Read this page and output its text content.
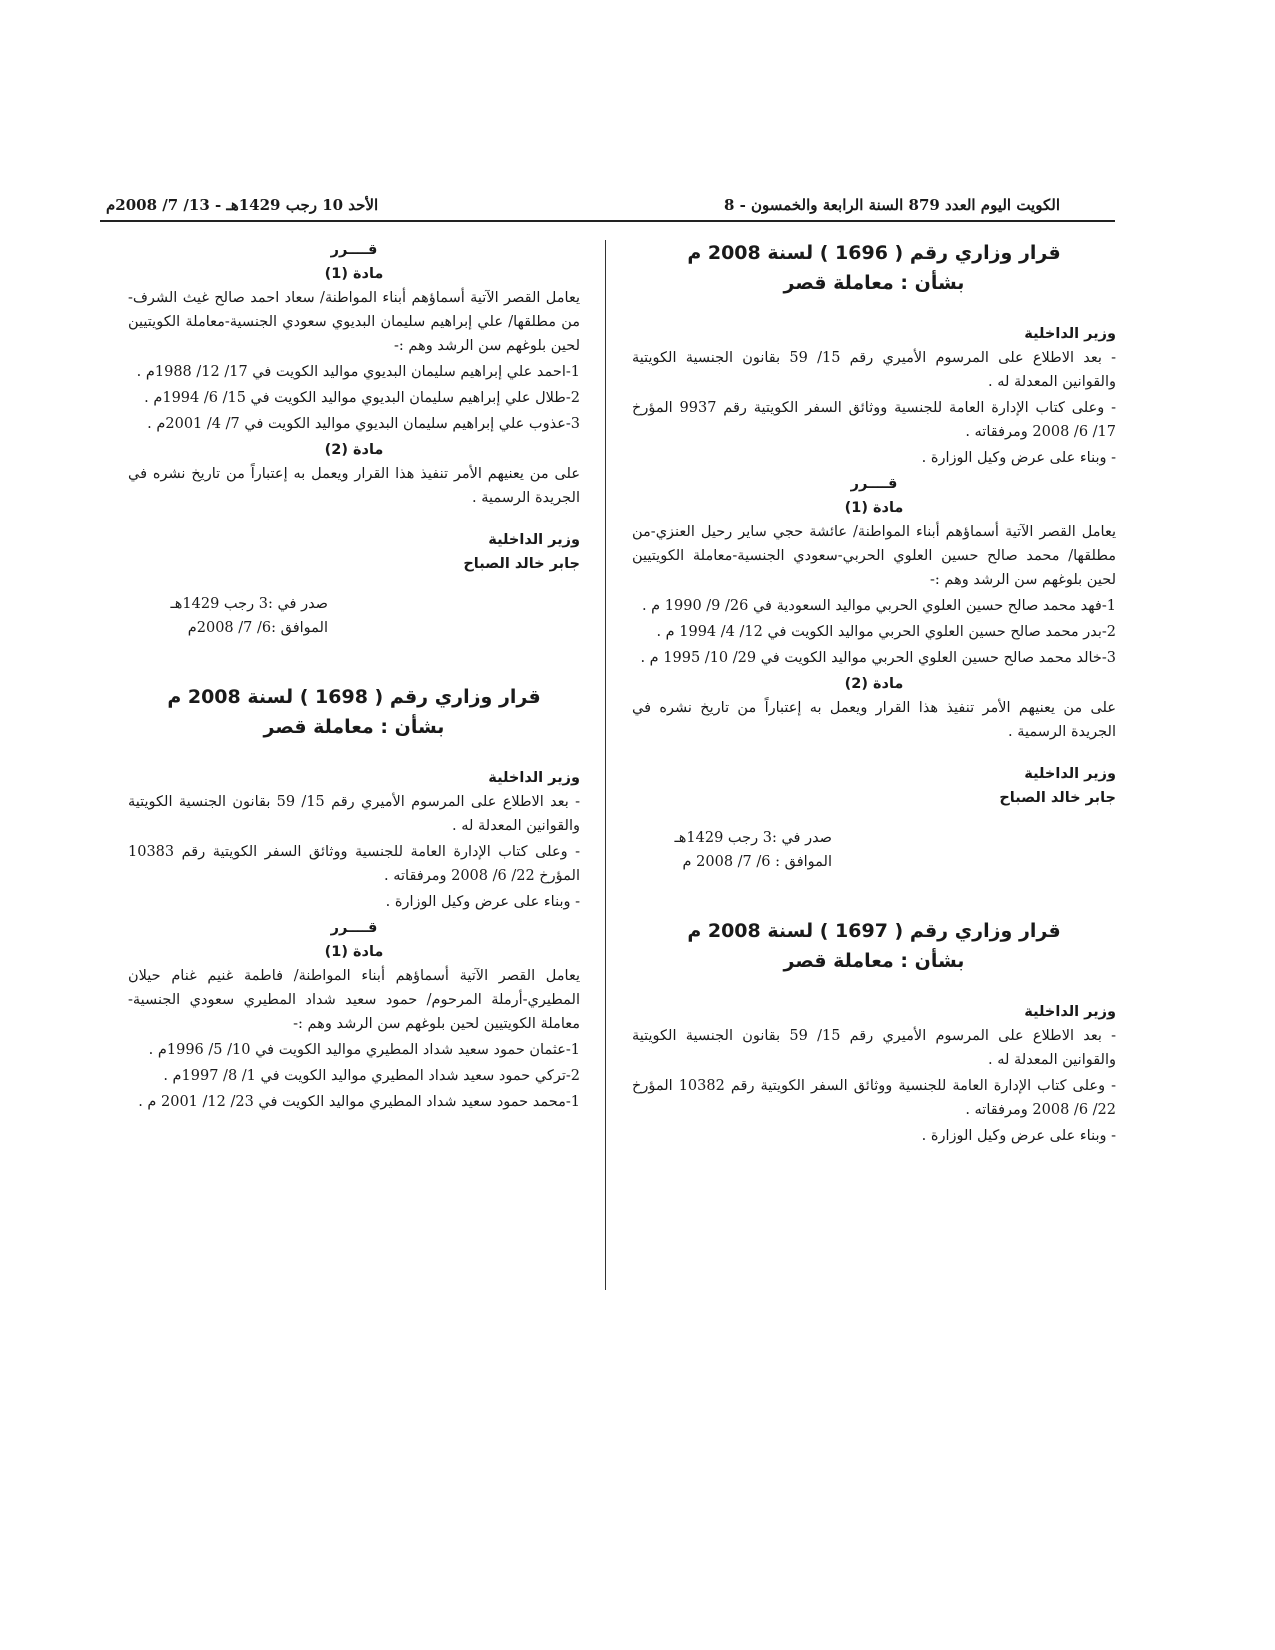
الكويت اليوم العدد 879 السنة الرابعة والخمسون - 8
الأحد 10 رجب 1429هـ - 13/ 7/ 2008م

قرار وزاري رقم ( 1696 ) لسنة 2008 م

بشأن : معاملة قصر

وزير الداخلية

- بعد الاطلاع على المرسوم الأميري رقم 15/ 59 بقانون الجنسية الكويتية والقوانين المعدلة له .

- وعلى كتاب الإدارة العامة للجنسية ووثائق السفر الكويتية رقم 9937 المؤرخ 17/ 6/ 2008 ومرفقاته .

- وبناء على عرض وكيل الوزارة .

قــــرر

مادة (1)

يعامل القصر الآتية أسماؤهم أبناء المواطنة/ عائشة حجي ساير رحيل العنزي-من مطلقها/ محمد صالح حسين العلوي الحربي-سعودي الجنسية-معاملة الكويتيين لحين بلوغهم سن الرشد وهم :-

1-فهد محمد صالح حسين العلوي الحربي مواليد السعودية في 26/ 9/ 1990 م .

2-بدر محمد صالح حسين العلوي الحربي مواليد الكويت في 12/ 4/ 1994 م .

3-خالد محمد صالح حسين العلوي الحربي مواليد الكويت في 29/ 10/ 1995 م .

مادة (2)

على من يعنيهم الأمر تنفيذ هذا القرار ويعمل به إعتباراً من تاريخ نشره في الجريدة الرسمية .

وزير الداخلية

جابر خالد الصباح

صدر في :3 رجب 1429هـ

الموافق : 6/ 7/ 2008 م

قرار وزاري رقم ( 1697 ) لسنة 2008 م

بشأن : معاملة قصر

وزير الداخلية

- بعد الاطلاع على المرسوم الأميري رقم 15/ 59 بقانون الجنسية الكويتية والقوانين المعدلة له .

- وعلى كتاب الإدارة العامة للجنسية ووثائق السفر الكويتية رقم 10382 المؤرخ 22/ 6/ 2008 ومرفقاته .

- وبناء على عرض وكيل الوزارة .

قــــرر

مادة (1)

يعامل القصر الآتية أسماؤهم أبناء المواطنة/ سعاد احمد صالح غيث الشرف-من مطلقها/ علي إبراهيم سليمان البديوي سعودي الجنسية-معاملة الكويتيين لحين بلوغهم سن الرشد وهم :-

1-احمد علي إبراهيم سليمان البديوي مواليد الكويت في 17/ 12/ 1988م .

2-طلال علي إبراهيم سليمان البديوي مواليد الكويت في 15/ 6/ 1994م .

3-عذوب علي إبراهيم سليمان البديوي مواليد الكويت في 7/ 4/ 2001م .

مادة (2)

على من يعنيهم الأمر تنفيذ هذا القرار ويعمل به إعتباراً من تاريخ نشره في الجريدة الرسمية .

وزير الداخلية

جابر خالد الصباح

صدر في :3 رجب 1429هـ

الموافق :6/ 7/ 2008م

قرار وزاري رقم ( 1698 ) لسنة 2008 م

بشأن : معاملة قصر

وزير الداخلية

- بعد الاطلاع على المرسوم الأميري رقم 15/ 59 بقانون الجنسية الكويتية والقوانين المعدلة له .

- وعلى كتاب الإدارة العامة للجنسية ووثائق السفر الكويتية رقم 10383 المؤرخ 22/ 6/ 2008 ومرفقاته .

- وبناء على عرض وكيل الوزارة .

قــــرر

مادة (1)

يعامل القصر الآتية أسماؤهم أبناء المواطنة/ فاطمة غنيم غنام حيلان المطيري-أرملة المرحوم/ حمود سعيد شداد المطيري سعودي الجنسية-معاملة الكويتيين لحين بلوغهم سن الرشد وهم :-

1-عثمان حمود سعيد شداد المطيري مواليد الكويت في 10/ 5/ 1996م .

2-تركي حمود سعيد شداد المطيري مواليد الكويت في 1/ 8/ 1997م .

1-محمد حمود سعيد شداد المطيري مواليد الكويت في 23/ 12/ 2001 م .
